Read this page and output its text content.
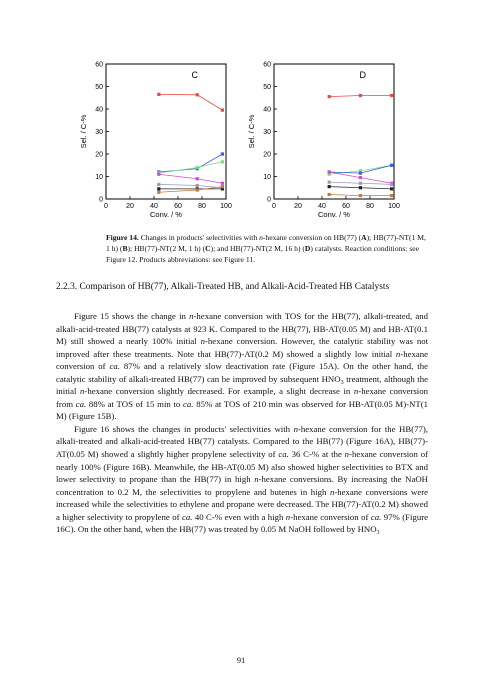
0
10
20
30
40
50
60
0	20 40 60 80 100
Conv. / %
Sel. / C-%
C
0
10
20
30
40
50
60
0	20 40 60 80 100
Conv. / %
Sel. / C-%
D
Figure 14. Changes in products' selectivities with n-hexane conversion on HB(77) (A); HB(77)-NT(1 M, 1 h) (B); HB(77)-NT(2 M, 1 h) (C); and HB(77)-NT(2 M, 16 h) (D) catalysts. Reaction conditions: see Figure 12. Products abbreviations: see Figure 11.
2.2.3. Comparison of HB(77), Alkali-Treated HB, and Alkali-Acid-Treated HB Catalysts

Figure 15 shows the change in n-hexane conversion with TOS for the HB(77), alkali-treated, and alkali-acid-treated HB(77) catalysts at 923 K. Compared to the HB(77), HB-AT(0.05 M) and HB-AT(0.1 M) still showed a nearly 100% initial n-hexane conversion. However, the catalytic stability was not improved after these treatments. Note that HB(77)-AT(0.2 M) showed a slightly low initial n-hexane conversion of ca. 87% and a relatively slow deactivation rate (Figure 15A). On the other hand, the catalytic stability of alkali-treated HB(77) can be improved by subsequent $HNO_3$ treatment, although the initial n-hexane conversion slightly decreased. For example, a slight decrease in n-hexane conversion from ca. 88% at TOS of 15 min to ca. 85% at TOS of 210 min was observed for HB-AT(0.05 M)-NT(1 M) (Figure 15B).

Figure 16 shows the changes in products' selectivities with n-hexane conversion for the HB(77), alkali-treated and alkali-acid-treated HB(77) catalysts. Compared to the HB(77) (Figure 16A), HB(77)-AT(0.05 M) showed a slightly higher propylene selectivity of ca. 36 C-% at the n-hexane conversion of nearly 100% (Figure 16B). Meanwhile, the HB-AT(0.05 M) also showed higher selectivities to BTX and lower selectivity to propane than the HB(77) in high n-hexane conversions. By increasing the NaOH concentration to 0.2 M, the selectivities to propylene and butenes in high n-hexane conversions were increased while the selectivities to ethylene and propane were decreased. The HB(77)-AT(0.2 M) showed a higher selectivity to propylene of ca. 40 C-% even with a high n-hexane conversion of ca. 97% (Figure 16C). On the other hand, when the HB(77) was treated by 0.05 M NaOH followed by $HNO_3$

91
